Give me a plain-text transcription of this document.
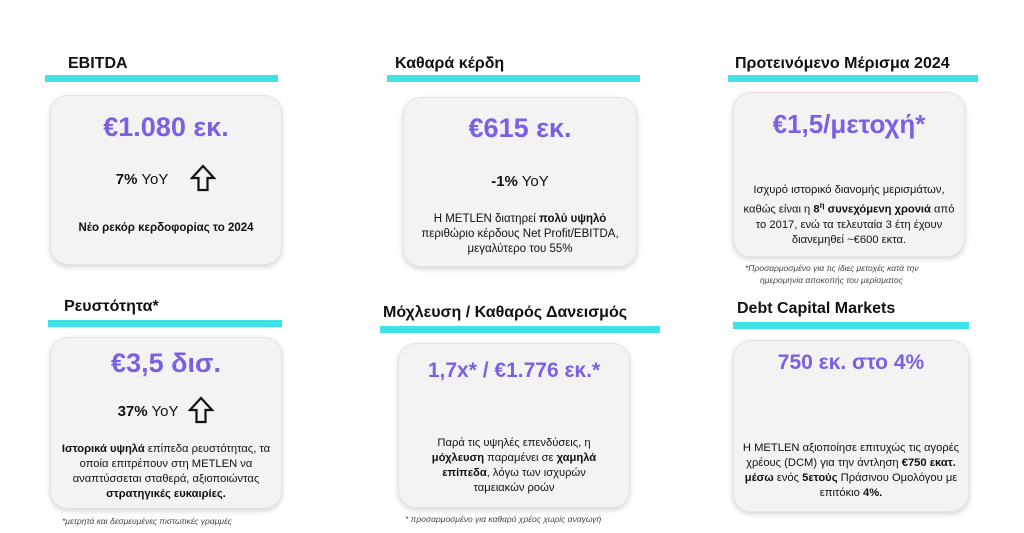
EBITDA
€1.080 εκ.
7% YoY
Νέο ρεκόρ κερδοφορίας το 2024
Καθαρά κέρδη
€615 εκ.
-1% YoY
Η METLEN διατηρεί πολύ υψηλό περιθώριο κέρδους Net Profit/EBITDA, μεγαλύτερο του 55%
Προτεινόμενο Μέρισμα 2024
€1,5/μετοχή*
Ισχυρό ιστορικό διανομής μερισμάτων, καθώς είναι η $8^\eta$ συνεχόμενη χρονιά από το 2017, ενώ τα τελευταία 3 έτη έχουν διανεμηθεί ~€600 εκτα.
*Προσαρμοσμένο για τις ίδιες μετοχές κατά την
ημερομηνία αποκοπής του μερίσματος
Ρευστότητα*
€3,5 δισ.
37% YoY
Ιστορικά υψηλά επίπεδα ρευστότητας, τα οποία επιτρέπουν στη METLEN να αναπτύσσεται σταθερά, αξιοποιώντας στρατηγικές ευκαιρίες.
*μετρητά και δεσμευμένες πιστωτικές γραμμές
Μόχλευση / Καθαρός Δανεισμός
1,7x* / €1.776 εκ.*
Παρά τις υψηλές επενδύσεις, η μόχλευση παραμένει σε χαμηλά επίπεδα, λόγω των ισχυρών ταμειακών ροών
* προσαρμοσμένο για καθαρό χρέος χωρίς αναγωγή
Debt Capital Markets
750 εκ. στο 4%
Η METLEN αξιοποίησε επιτυχώς τις αγορές χρέους (DCM) για την άντληση €750 εκατ. μέσω ενός 5ετούς Πράσινου Ομολόγου με επιτόκιο 4%.
